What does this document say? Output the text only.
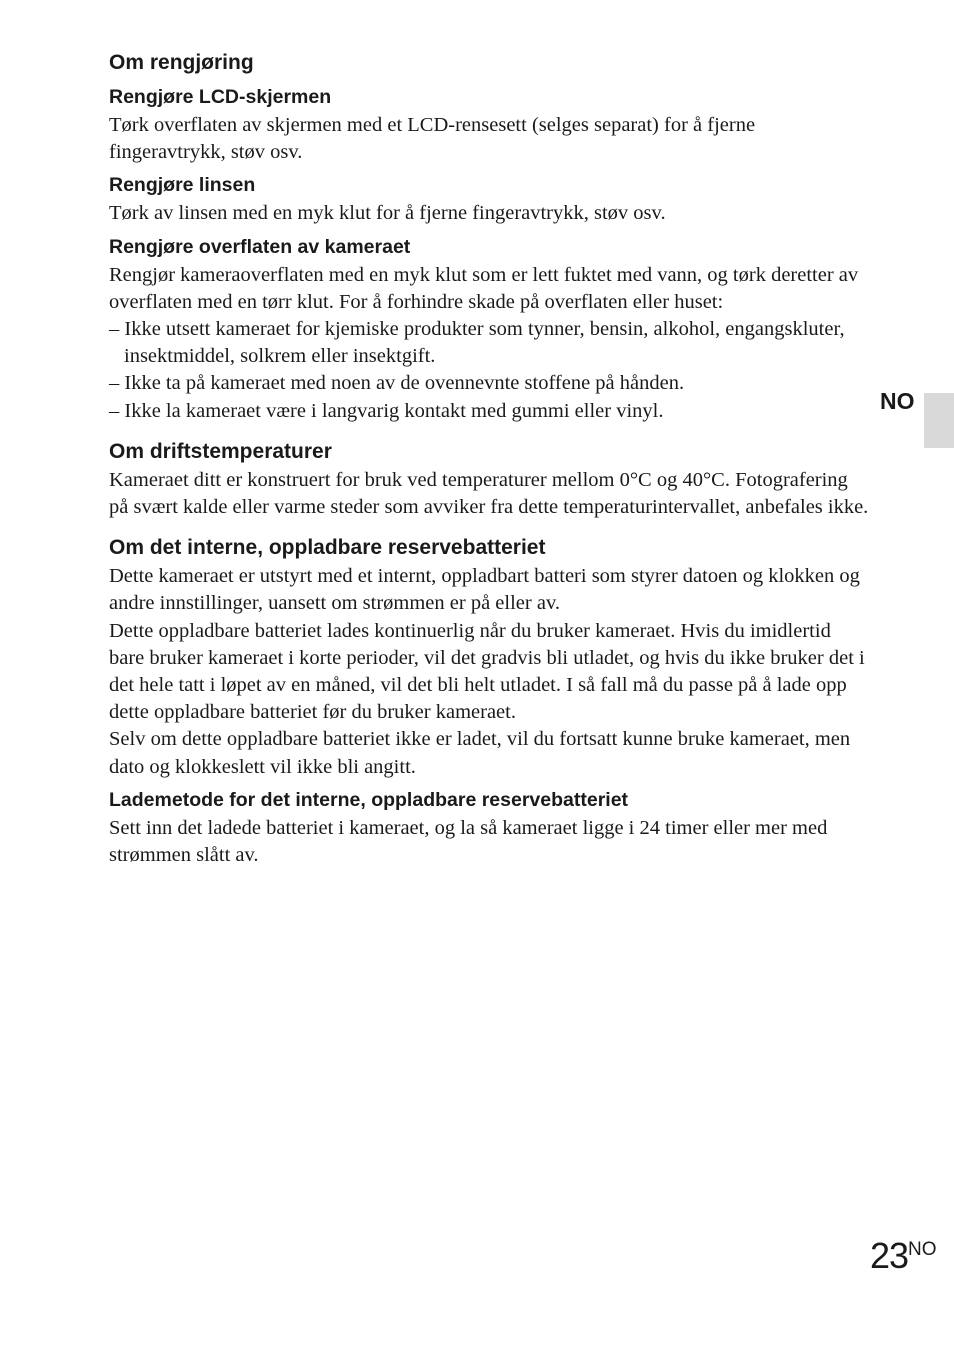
Om rengjøring
Rengjøre LCD-skjermen

Tørk overflaten av skjermen med et LCD-rensesett (selges separat) for å fjerne fingeravtrykk, støv osv.

Rengjøre linsen

Tørk av linsen med en myk klut for å fjerne fingeravtrykk, støv osv.

Rengjøre overflaten av kameraet

Rengjør kameraoverflaten med en myk klut som er lett fuktet med vann, og tørk deretter av overflaten med en tørr klut. For å forhindre skade på overflaten eller huset:

– Ikke utsett kameraet for kjemiske produkter som tynner, bensin, alkohol, engangskluter, insektmiddel, solkrem eller insektgift.
– Ikke ta på kameraet med noen av de ovennevnte stoffene på hånden.
– Ikke la kameraet være i langvarig kontakt med gummi eller vinyl.
Om driftstemperaturer

Kameraet ditt er konstruert for bruk ved temperaturer mellom 0°C og 40°C. Fotografering på svært kalde eller varme steder som avviker fra dette temperaturintervallet, anbefales ikke.

Om det interne, oppladbare reservebatteriet

Dette kameraet er utstyrt med et internt, oppladbart batteri som styrer datoen og klokken og andre innstillinger, uansett om strømmen er på eller av.

Dette oppladbare batteriet lades kontinuerlig når du bruker kameraet. Hvis du imidlertid bare bruker kameraet i korte perioder, vil det gradvis bli utladet, og hvis du ikke bruker det i det hele tatt i løpet av en måned, vil det bli helt utladet. I så fall må du passe på å lade opp dette oppladbare batteriet før du bruker kameraet.

Selv om dette oppladbare batteriet ikke er ladet, vil du fortsatt kunne bruke kameraet, men dato og klokkeslett vil ikke bli angitt.

Lademetode for det interne, oppladbare reservebatteriet

Sett inn det ladede batteriet i kameraet, og la så kameraet ligge i 24 timer eller mer med strømmen slått av.

NO
$23^{NO}$
